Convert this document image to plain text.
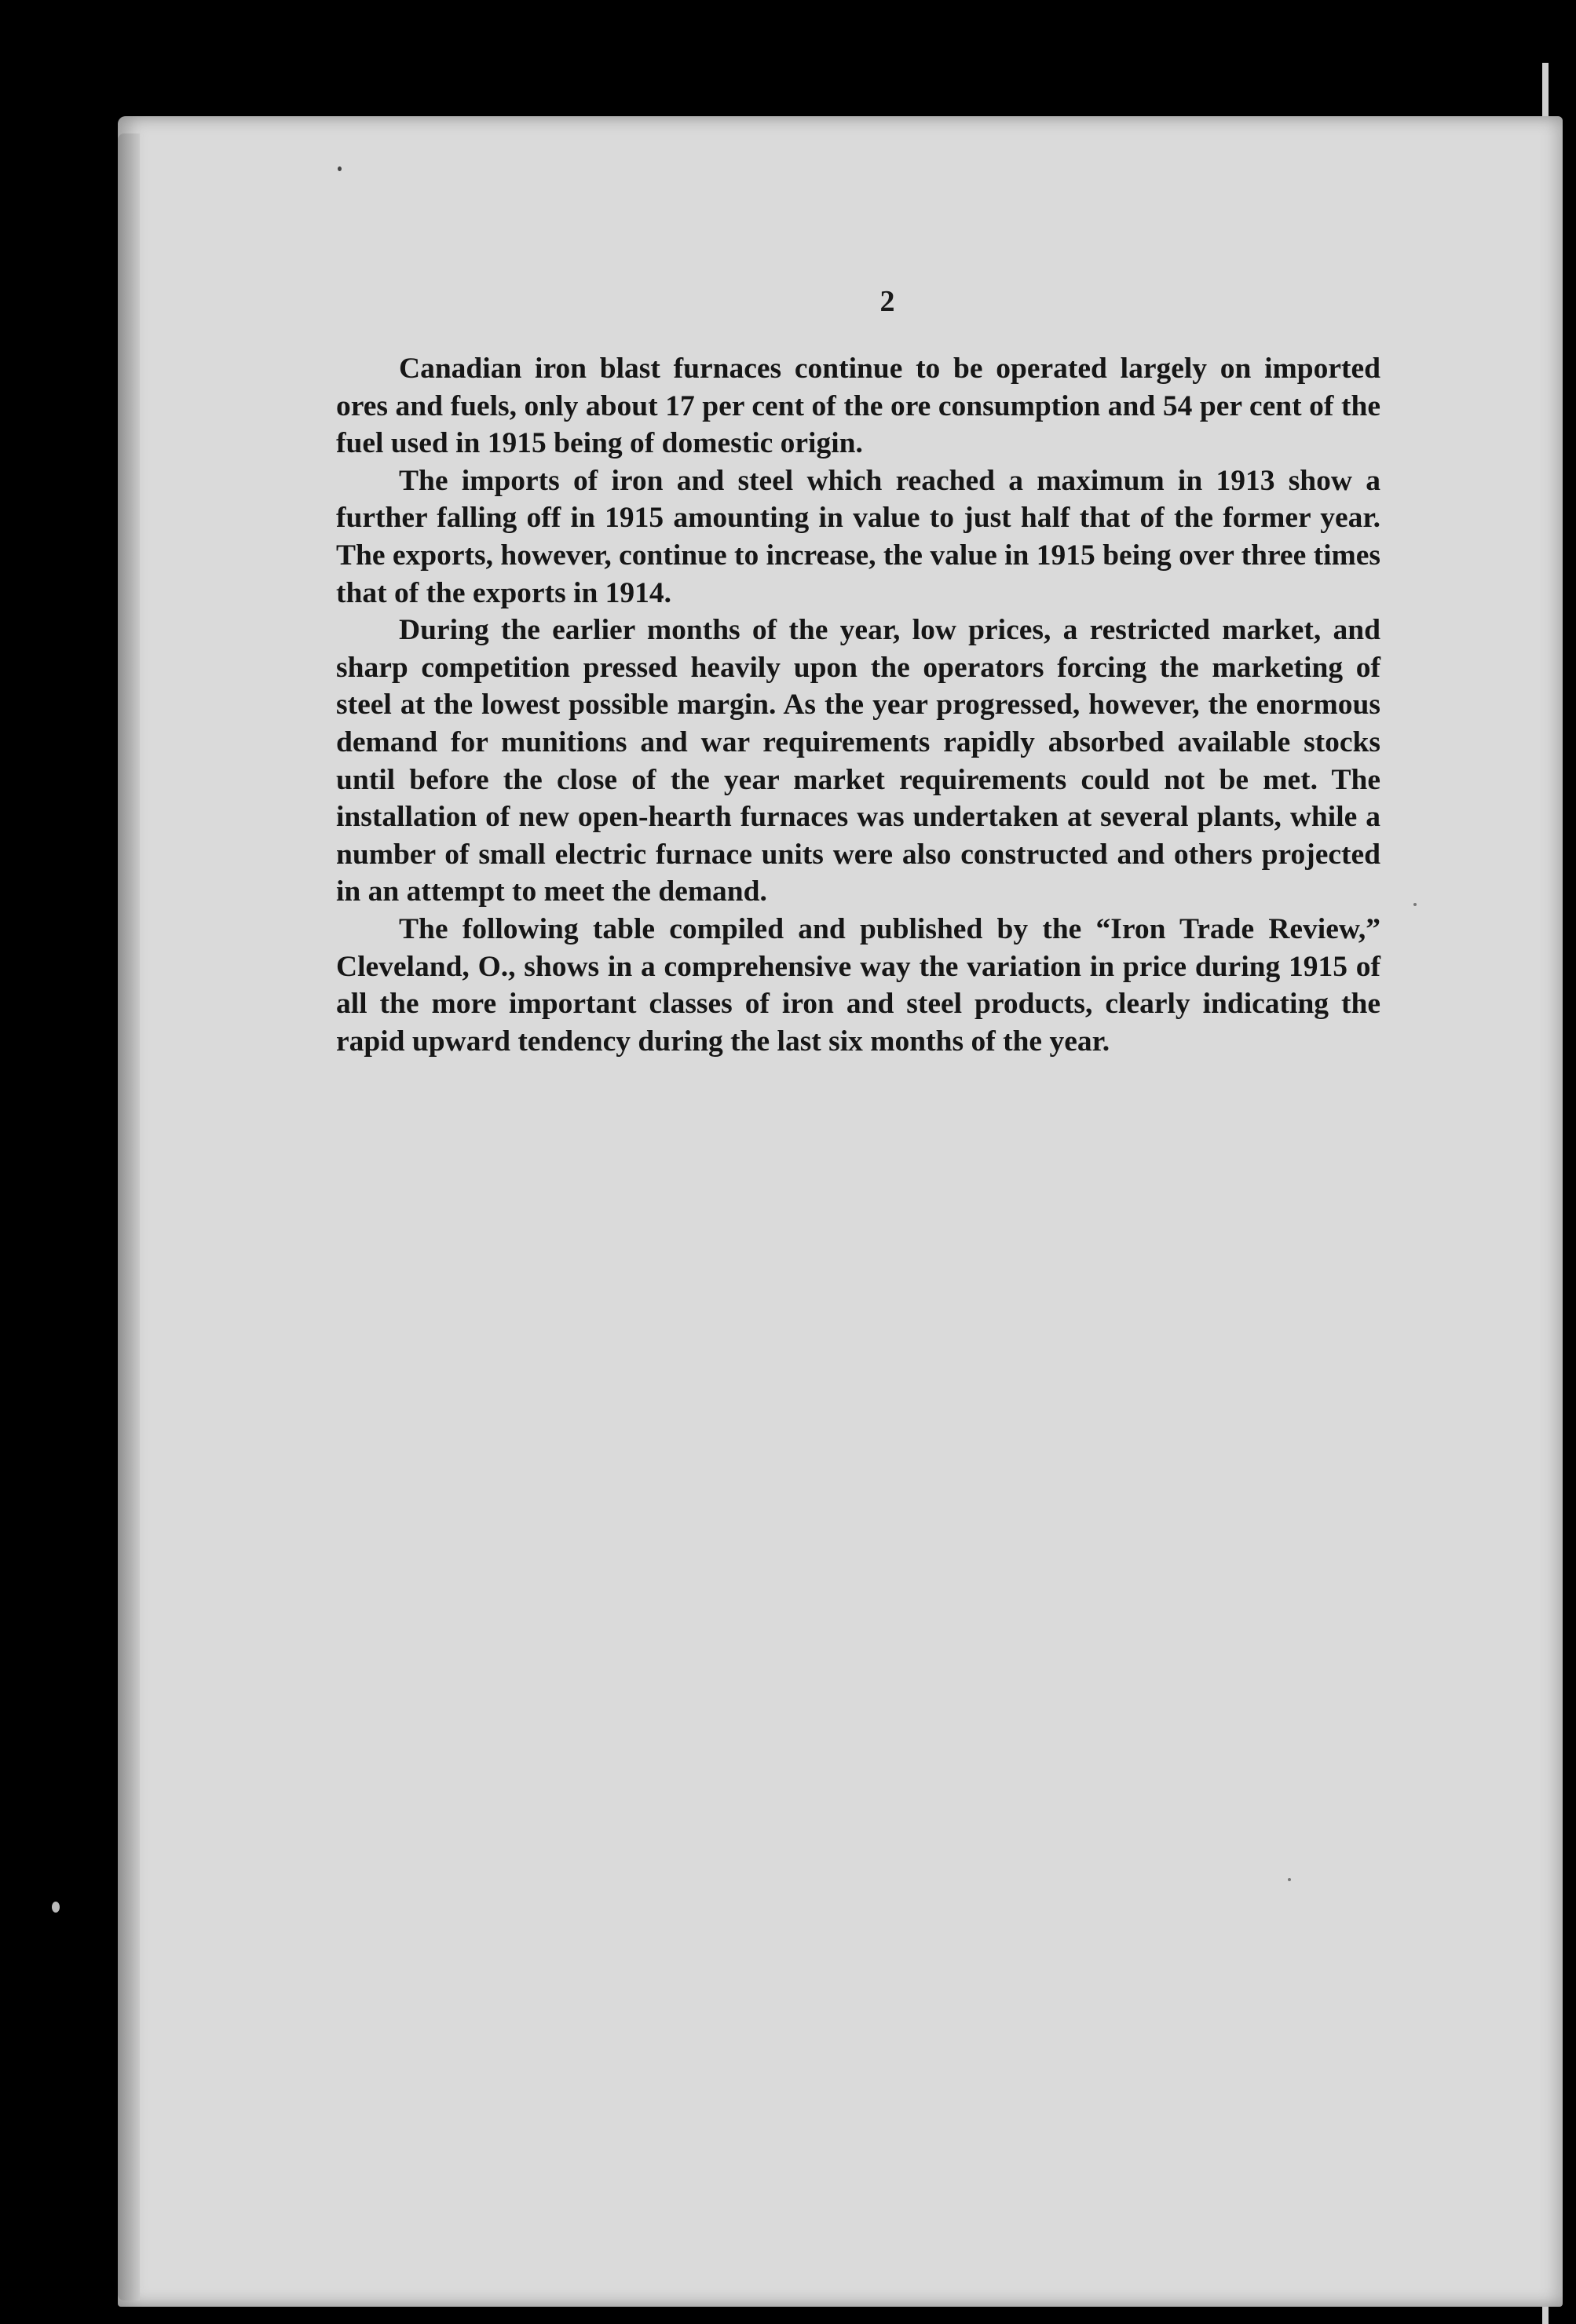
2

Canadian iron blast furnaces continue to be operated largely on imported ores and fuels, only about 17 per cent of the ore consumption and 54 per cent of the fuel used in 1915 being of domestic origin.

The imports of iron and steel which reached a maximum in 1913 show a further falling off in 1915 amounting in value to just half that of the former year. The exports, however, continue to increase, the value in 1915 being over three times that of the exports in 1914.

During the earlier months of the year, low prices, a restricted market, and sharp competition pressed heavily upon the operators forcing the marketing of steel at the lowest possible margin. As the year progressed, however, the enormous demand for munitions and war requirements rapidly absorbed available stocks until before the close of the year market requirements could not be met. The installation of new open-hearth furnaces was undertaken at several plants, while a number of small electric furnace units were also constructed and others projected in an attempt to meet the demand.

The following table compiled and published by the “Iron Trade Review,” Cleveland, O., shows in a comprehensive way the variation in price during 1915 of all the more important classes of iron and steel products, clearly indicating the rapid upward tendency during the last six months of the year.
